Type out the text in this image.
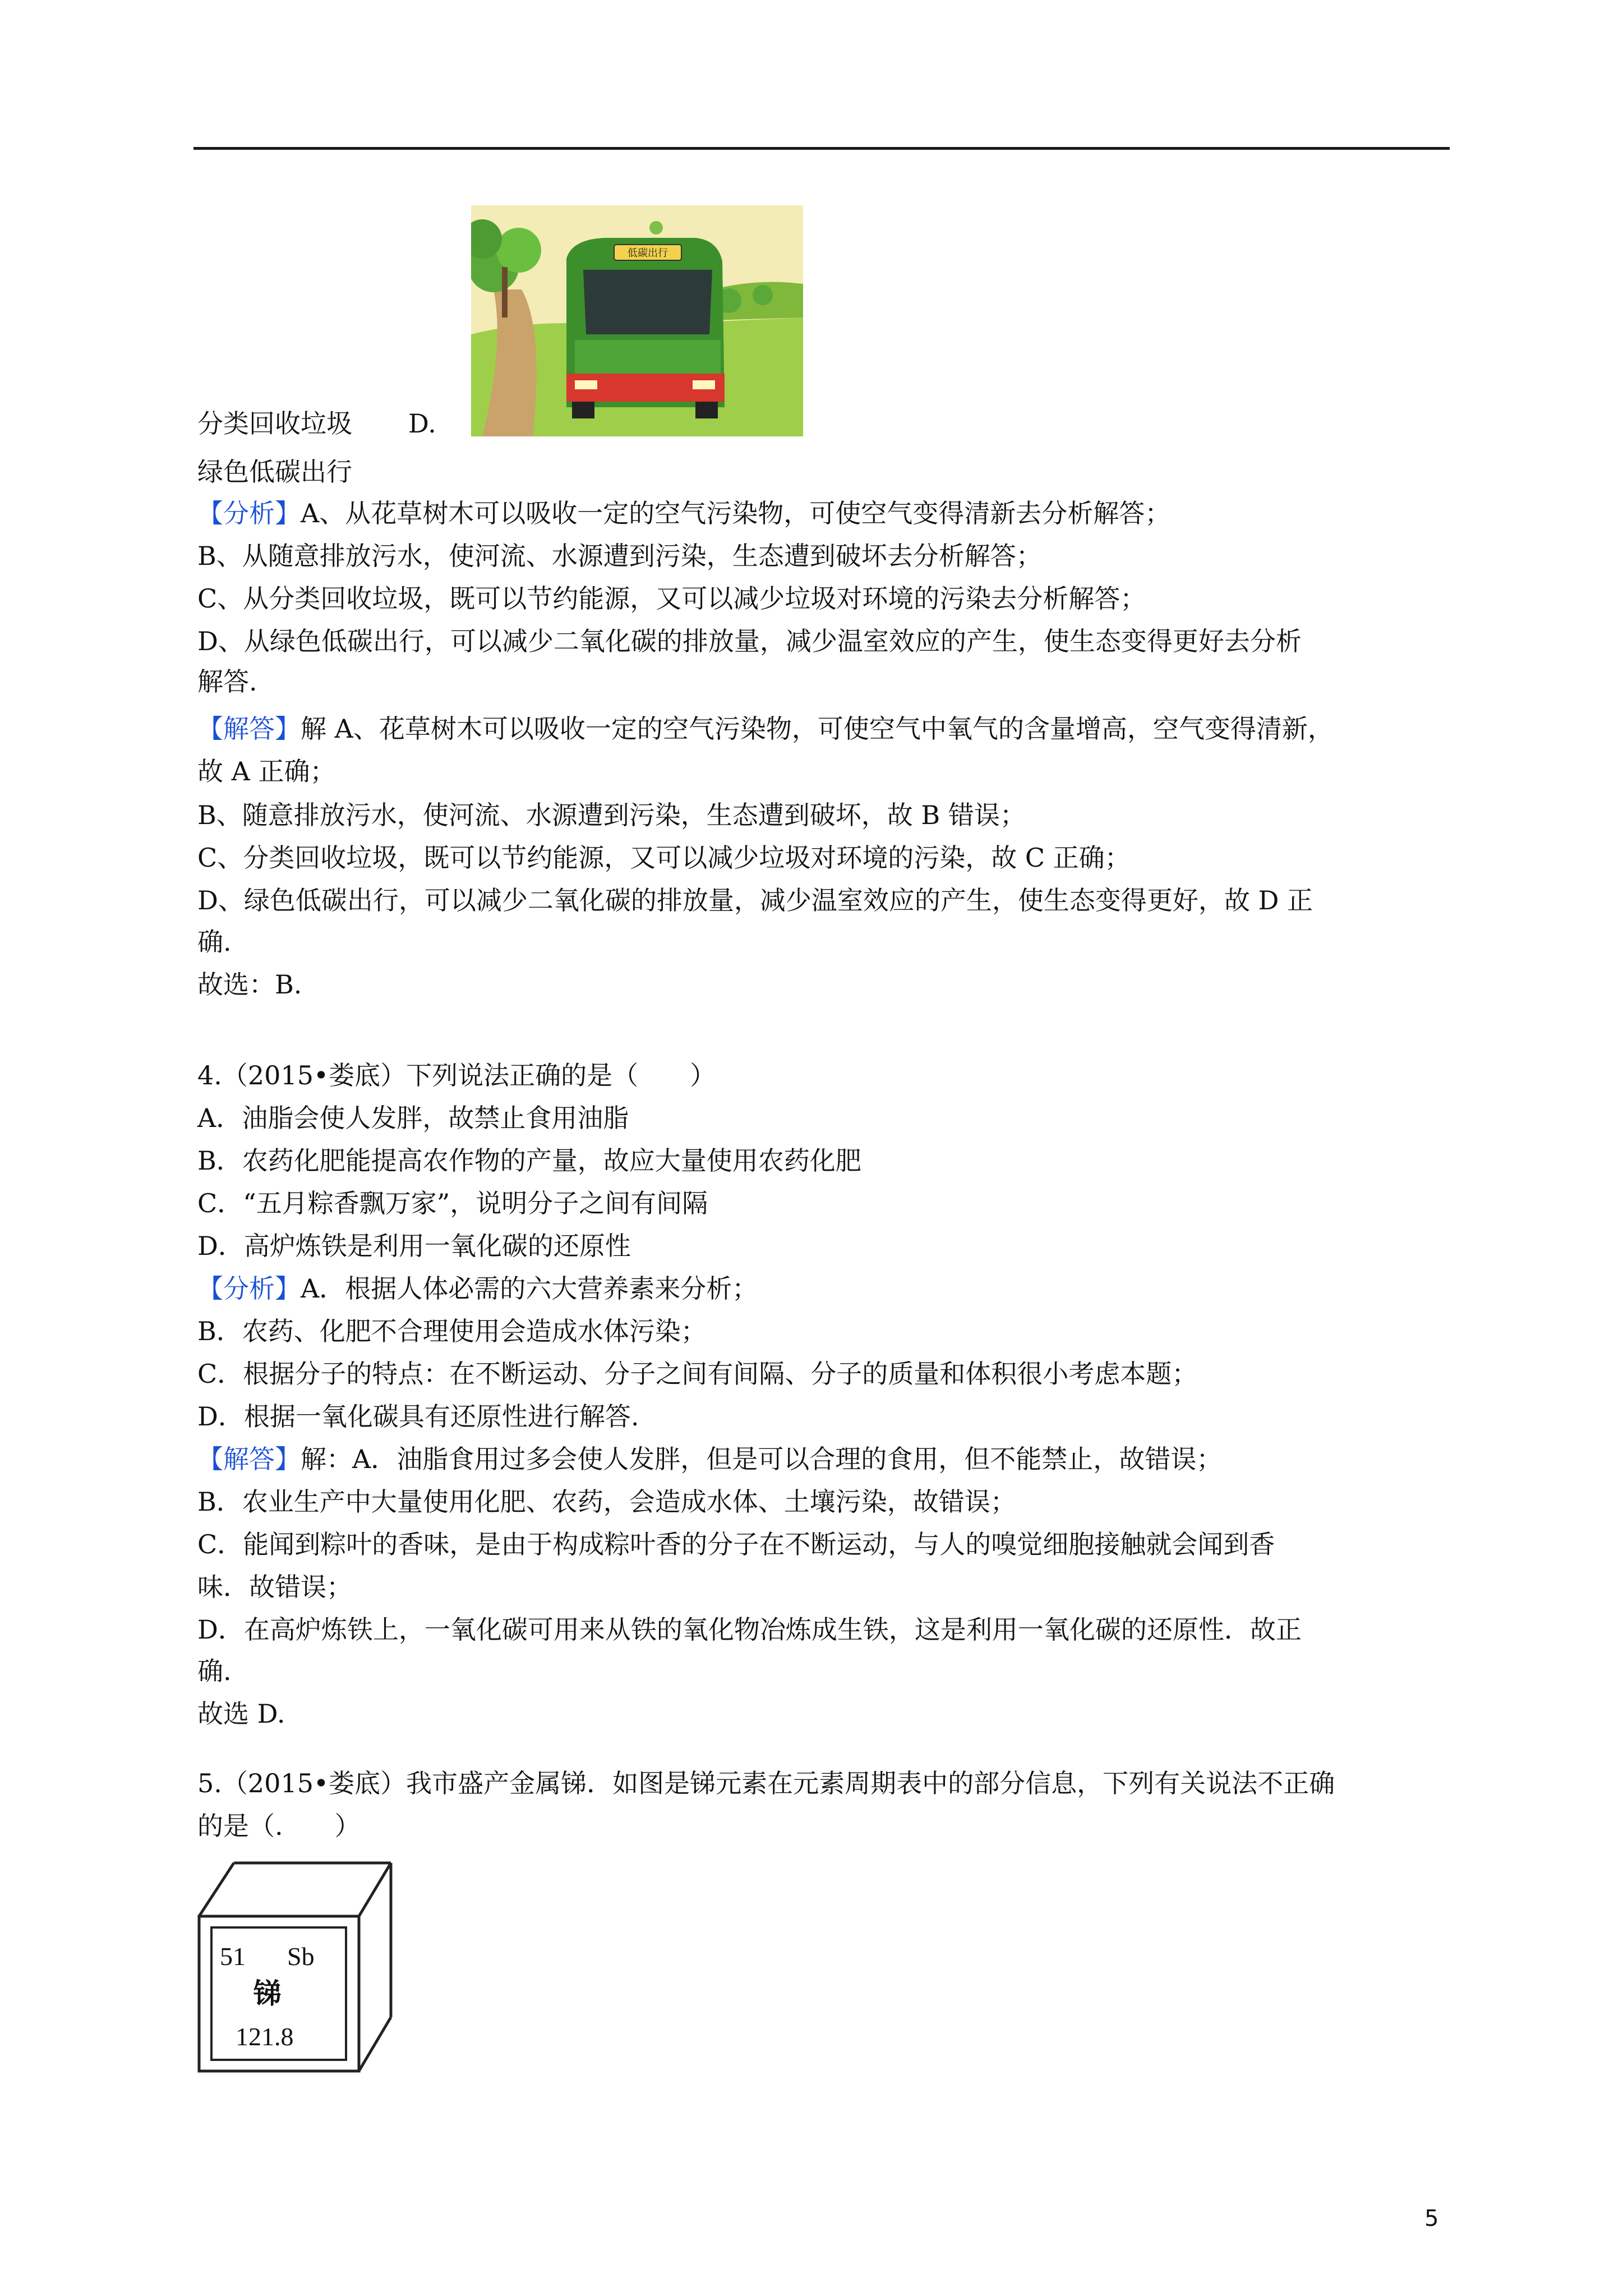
低碳出行
分类回收垃圾 D.
绿色低碳出行
【分析】A、从花草树木可以吸收一定的空气污染物，可使空气变得清新去分析解答；
B、从随意排放污水，使河流、水源遭到污染，生态遭到破坏去分析解答；
C、从分类回收垃圾，既可以节约能源，又可以减少垃圾对环境的污染去分析解答；
D、从绿色低碳出行，可以减少二氧化碳的排放量，减少温室效应的产生，使生态变得更好去分析
解答.
【解答】解 A、花草树木可以吸收一定的空气污染物，可使空气中氧气的含量增高，空气变得清新，
故 A 正确；
B、随意排放污水，使河流、水源遭到污染，生态遭到破坏，故 B 错误；
C、分类回收垃圾，既可以节约能源，又可以减少垃圾对环境的污染，故 C 正确；
D、绿色低碳出行，可以减少二氧化碳的排放量，减少温室效应的产生，使生态变得更好，故 D 正
确.
故选：B.
4.（2015•娄底）下列说法正确的是（　　）
A．油脂会使人发胖，故禁止食用油脂
B．农药化肥能提高农作物的产量，故应大量使用农药化肥
C．“五月粽香飘万家”，说明分子之间有间隔
D．高炉炼铁是利用一氧化碳的还原性
【分析】A．根据人体必需的六大营养素来分析；
B．农药、化肥不合理使用会造成水体污染；
C．根据分子的特点：在不断运动、分子之间有间隔、分子的质量和体积很小考虑本题；
D．根据一氧化碳具有还原性进行解答.
【解答】解：A．油脂食用过多会使人发胖，但是可以合理的食用，但不能禁止，故错误；
B．农业生产中大量使用化肥、农药，会造成水体、土壤污染，故错误；
C．能闻到粽叶的香味，是由于构成粽叶香的分子在不断运动，与人的嗅觉细胞接触就会闻到香
味．故错误；
D．在高炉炼铁上，一氧化碳可用来从铁的氧化物冶炼成生铁，这是利用一氧化碳的还原性．故正
确.
故选 D.
5.（2015•娄底）我市盛产金属锑．如图是锑元素在元素周期表中的部分信息，下列有关说法不正确
的是（.　　）
51 Sb
锑
121.8
5
